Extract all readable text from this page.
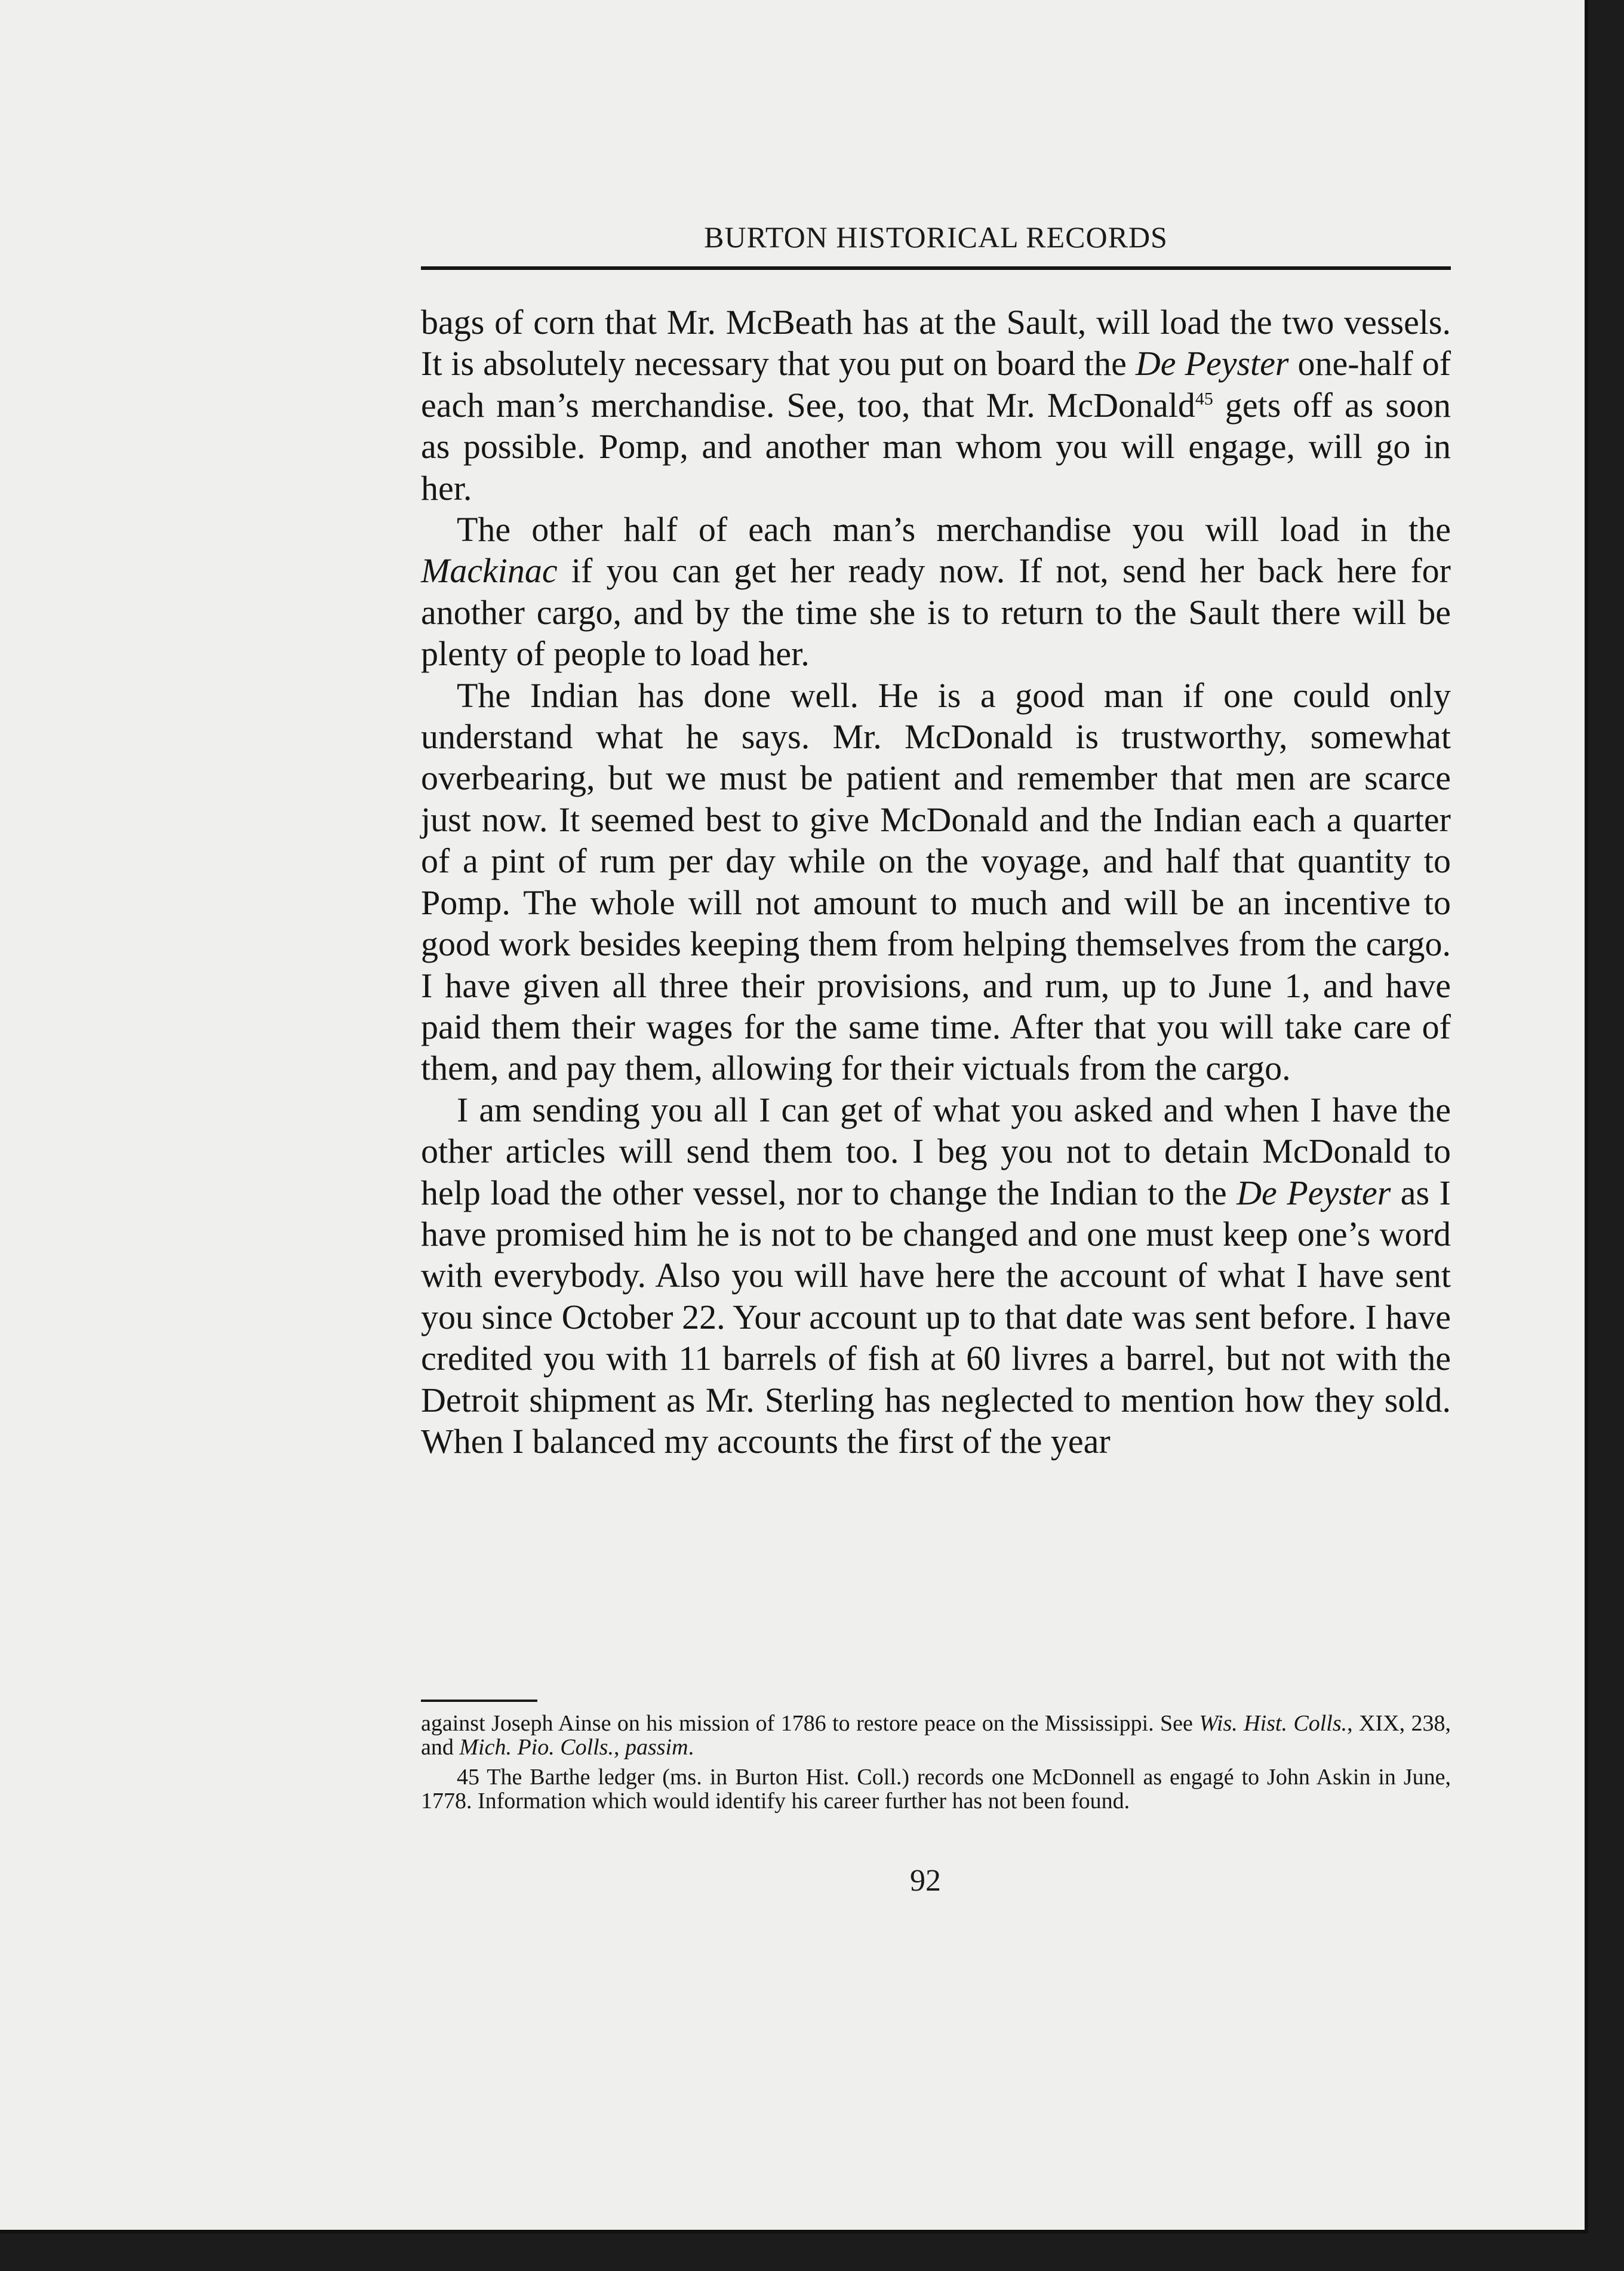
BURTON HISTORICAL RECORDS

bags of corn that Mr. McBeath has at the Sault, will load the two vessels. It is absolutely necessary that you put on board the De Peyster one-half of each man’s merchandise. See, too, that Mr. McDonald$^{45}$ gets off as soon as possible. Pomp, and another man whom you will engage, will go in her.

The other half of each man’s merchandise you will load in the Mackinac if you can get her ready now. If not, send her back here for another cargo, and by the time she is to return to the Sault there will be plenty of people to load her.

The Indian has done well. He is a good man if one could only understand what he says. Mr. McDonald is trustworthy, somewhat overbearing, but we must be patient and remember that men are scarce just now. It seemed best to give McDonald and the Indian each a quarter of a pint of rum per day while on the voyage, and half that quantity to Pomp. The whole will not amount to much and will be an incentive to good work besides keeping them from helping themselves from the cargo. I have given all three their provisions, and rum, up to June 1, and have paid them their wages for the same time. After that you will take care of them, and pay them, allowing for their victuals from the cargo.

I am sending you all I can get of what you asked and when I have the other articles will send them too. I beg you not to detain McDonald to help load the other vessel, nor to change the Indian to the De Peyster as I have promised him he is not to be changed and one must keep one’s word with everybody. Also you will have here the account of what I have sent you since October 22. Your account up to that date was sent before. I have credited you with 11 barrels of fish at 60 livres a barrel, but not with the Detroit shipment as Mr. Sterling has neglected to mention how they sold. When I balanced my accounts the first of the year

against Joseph Ainse on his mission of 1786 to restore peace on the Mississippi. See Wis. Hist. Colls., XIX, 238, and Mich. Pio. Colls., passim.

45 The Barthe ledger (ms. in Burton Hist. Coll.) records one McDonnell as engagé to John Askin in June, 1778. Information which would identify his career further has not been found.

92
